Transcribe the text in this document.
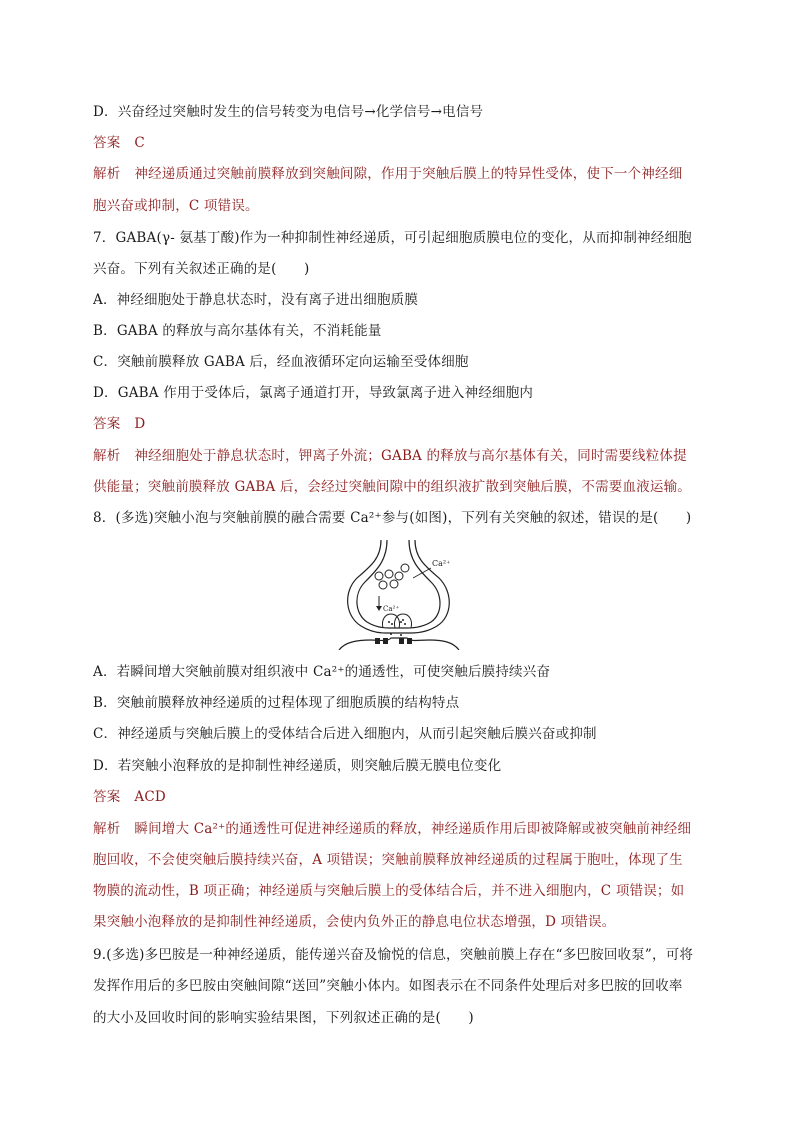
D．兴奋经过突触时发生的信号转变为电信号→化学信号→电信号
答案 C
解析 神经递质通过突触前膜释放到突触间隙，作用于突触后膜上的特异性受体，使下一个神经细
胞兴奋或抑制，C 项错误。
7．GABA(γ- 氨基丁酸)作为一种抑制性神经递质，可引起细胞质膜电位的变化，从而抑制神经细胞
兴奋。下列有关叙述正确的是(　　)
A．神经细胞处于静息状态时，没有离子进出细胞质膜
B．GABA 的释放与高尔基体有关，不消耗能量
C．突触前膜释放 GABA 后，经血液循环定向运输至受体细胞
D．GABA 作用于受体后，氯离子通道打开，导致氯离子进入神经细胞内
答案 D
解析 神经细胞处于静息状态时，钾离子外流；GABA 的释放与高尔基体有关，同时需要线粒体提
供能量；突触前膜释放 GABA 后，会经过突触间隙中的组织液扩散到突触后膜，不需要血液运输。
8．(多选)突触小泡与突触前膜的融合需要 Ca²⁺参与(如图)，下列有关突触的叙述，错误的是(　　)
A．若瞬间增大突触前膜对组织液中 Ca²⁺的通透性，可使突触后膜持续兴奋
B．突触前膜释放神经递质的过程体现了细胞质膜的结构特点
C．神经递质与突触后膜上的受体结合后进入细胞内，从而引起突触后膜兴奋或抑制
D．若突触小泡释放的是抑制性神经递质，则突触后膜无膜电位变化
答案 ACD
解析 瞬间增大 Ca²⁺的通透性可促进神经递质的释放，神经递质作用后即被降解或被突触前神经细
胞回收，不会使突触后膜持续兴奋，A 项错误；突触前膜释放神经递质的过程属于胞吐，体现了生
物膜的流动性，B 项正确；神经递质与突触后膜上的受体结合后，并不进入细胞内，C 项错误；如
果突触小泡释放的是抑制性神经递质，会使内负外正的静息电位状态增强，D 项错误。
9.(多选)多巴胺是一种神经递质，能传递兴奋及愉悦的信息，突触前膜上存在“多巴胺回收泵”，可将
发挥作用后的多巴胺由突触间隙“送回”突触小体内。如图表示在不同条件处理后对多巴胺的回收率
的大小及回收时间的影响实验结果图，下列叙述正确的是(　　)
Ca²⁺
Ca²⁺
